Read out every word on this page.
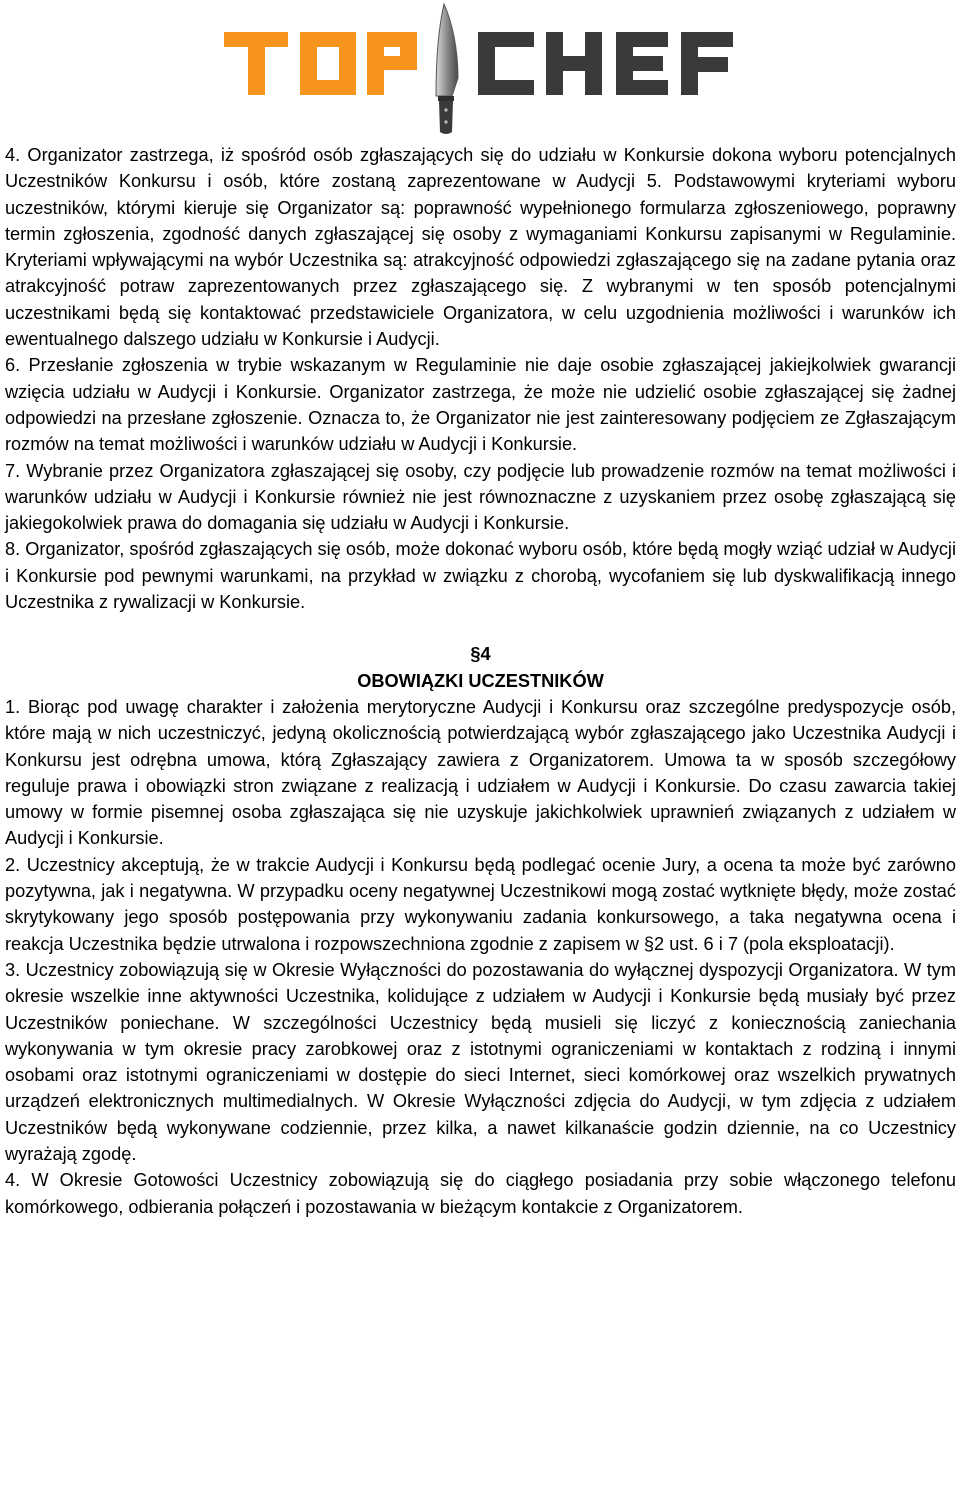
4. Organizator zastrzega, iż spośród osób zgłaszających się do udziału w Konkursie dokona wyboru potencjalnych Uczestników Konkursu i osób, które zostaną zaprezentowane w Audycji 5. Podstawowymi kryteriami wyboru uczestników, którymi kieruje się Organizator są: poprawność wypełnionego formularza zgłoszeniowego, poprawny termin zgłoszenia, zgodność danych zgłaszającej się osoby z wymaganiami Konkursu zapisanymi w Regulaminie. Kryteriami wpływającymi na wybór Uczestnika są: atrakcyjność odpowiedzi zgłaszającego się na zadane pytania oraz atrakcyjność potraw zaprezentowanych przez zgłaszającego się. Z wybranymi w ten sposób potencjalnymi uczestnikami będą się kontaktować przedstawiciele Organizatora, w celu uzgodnienia możliwości i warunków ich ewentualnego dalszego udziału w Konkursie i Audycji.

6. Przesłanie zgłoszenia w trybie wskazanym w Regulaminie nie daje osobie zgłaszającej jakiejkolwiek gwarancji wzięcia udziału w Audycji i Konkursie. Organizator zastrzega, że może nie udzielić osobie zgłaszającej się żadnej odpowiedzi na przesłane zgłoszenie. Oznacza to, że Organizator nie jest zainteresowany podjęciem ze Zgłaszającym rozmów na temat możliwości i warunków udziału w Audycji i Konkursie.

7. Wybranie przez Organizatora zgłaszającej się osoby, czy podjęcie lub prowadzenie rozmów na temat możliwości i warunków udziału w Audycji i Konkursie również nie jest równoznaczne z uzyskaniem przez osobę zgłaszającą się jakiegokolwiek prawa do domagania się udziału w Audycji i Konkursie.

8. Organizator, spośród zgłaszających się osób, może dokonać wyboru osób, które będą mogły wziąć udział w Audycji i Konkursie pod pewnymi warunkami, na przykład w związku z chorobą, wycofaniem się lub dyskwalifikacją innego Uczestnika z rywalizacji w Konkursie.

§4

OBOWIĄZKI UCZESTNIKÓW

1. Biorąc pod uwagę charakter i założenia merytoryczne Audycji i Konkursu oraz szczególne predyspozycje osób, które mają w nich uczestniczyć, jedyną okolicznością potwierdzającą wybór zgłaszającego jako Uczestnika Audycji i Konkursu jest odrębna umowa, którą Zgłaszający zawiera z Organizatorem. Umowa ta w sposób szczegółowy reguluje prawa i obowiązki stron związane z realizacją i udziałem w Audycji i Konkursie. Do czasu zawarcia takiej umowy w formie pisemnej osoba zgłaszająca się nie uzyskuje jakichkolwiek uprawnień związanych z udziałem w Audycji i Konkursie.

2. Uczestnicy akceptują, że w trakcie Audycji i Konkursu będą podlegać ocenie Jury, a ocena ta może być zarówno pozytywna, jak i negatywna. W przypadku oceny negatywnej Uczestnikowi mogą zostać wytknięte błędy, może zostać skrytykowany jego sposób postępowania przy wykonywaniu zadania konkursowego, a taka negatywna ocena i reakcja Uczestnika będzie utrwalona i rozpowszechniona zgodnie z zapisem w §2 ust. 6 i 7 (pola eksploatacji).

3. Uczestnicy zobowiązują się w Okresie Wyłączności do pozostawania do wyłącznej dyspozycji Organizatora. W tym okresie wszelkie inne aktywności Uczestnika, kolidujące z udziałem w Audycji i Konkursie będą musiały być przez Uczestników poniechane. W szczególności Uczestnicy będą musieli się liczyć z koniecznością zaniechania wykonywania w tym okresie pracy zarobkowej oraz z istotnymi ograniczeniami w kontaktach z rodziną i innymi osobami oraz istotnymi ograniczeniami w dostępie do sieci Internet, sieci komórkowej oraz wszelkich prywatnych urządzeń elektronicznych multimedialnych. W Okresie Wyłączności zdjęcia do Audycji, w tym zdjęcia z udziałem Uczestników będą wykonywane codziennie, przez kilka, a nawet kilkanaście godzin dziennie, na co Uczestnicy wyrażają zgodę.

4. W Okresie Gotowości Uczestnicy zobowiązują się do ciągłego posiadania przy sobie włączonego telefonu komórkowego, odbierania połączeń i pozostawania w bieżącym kontakcie z Organizatorem.
